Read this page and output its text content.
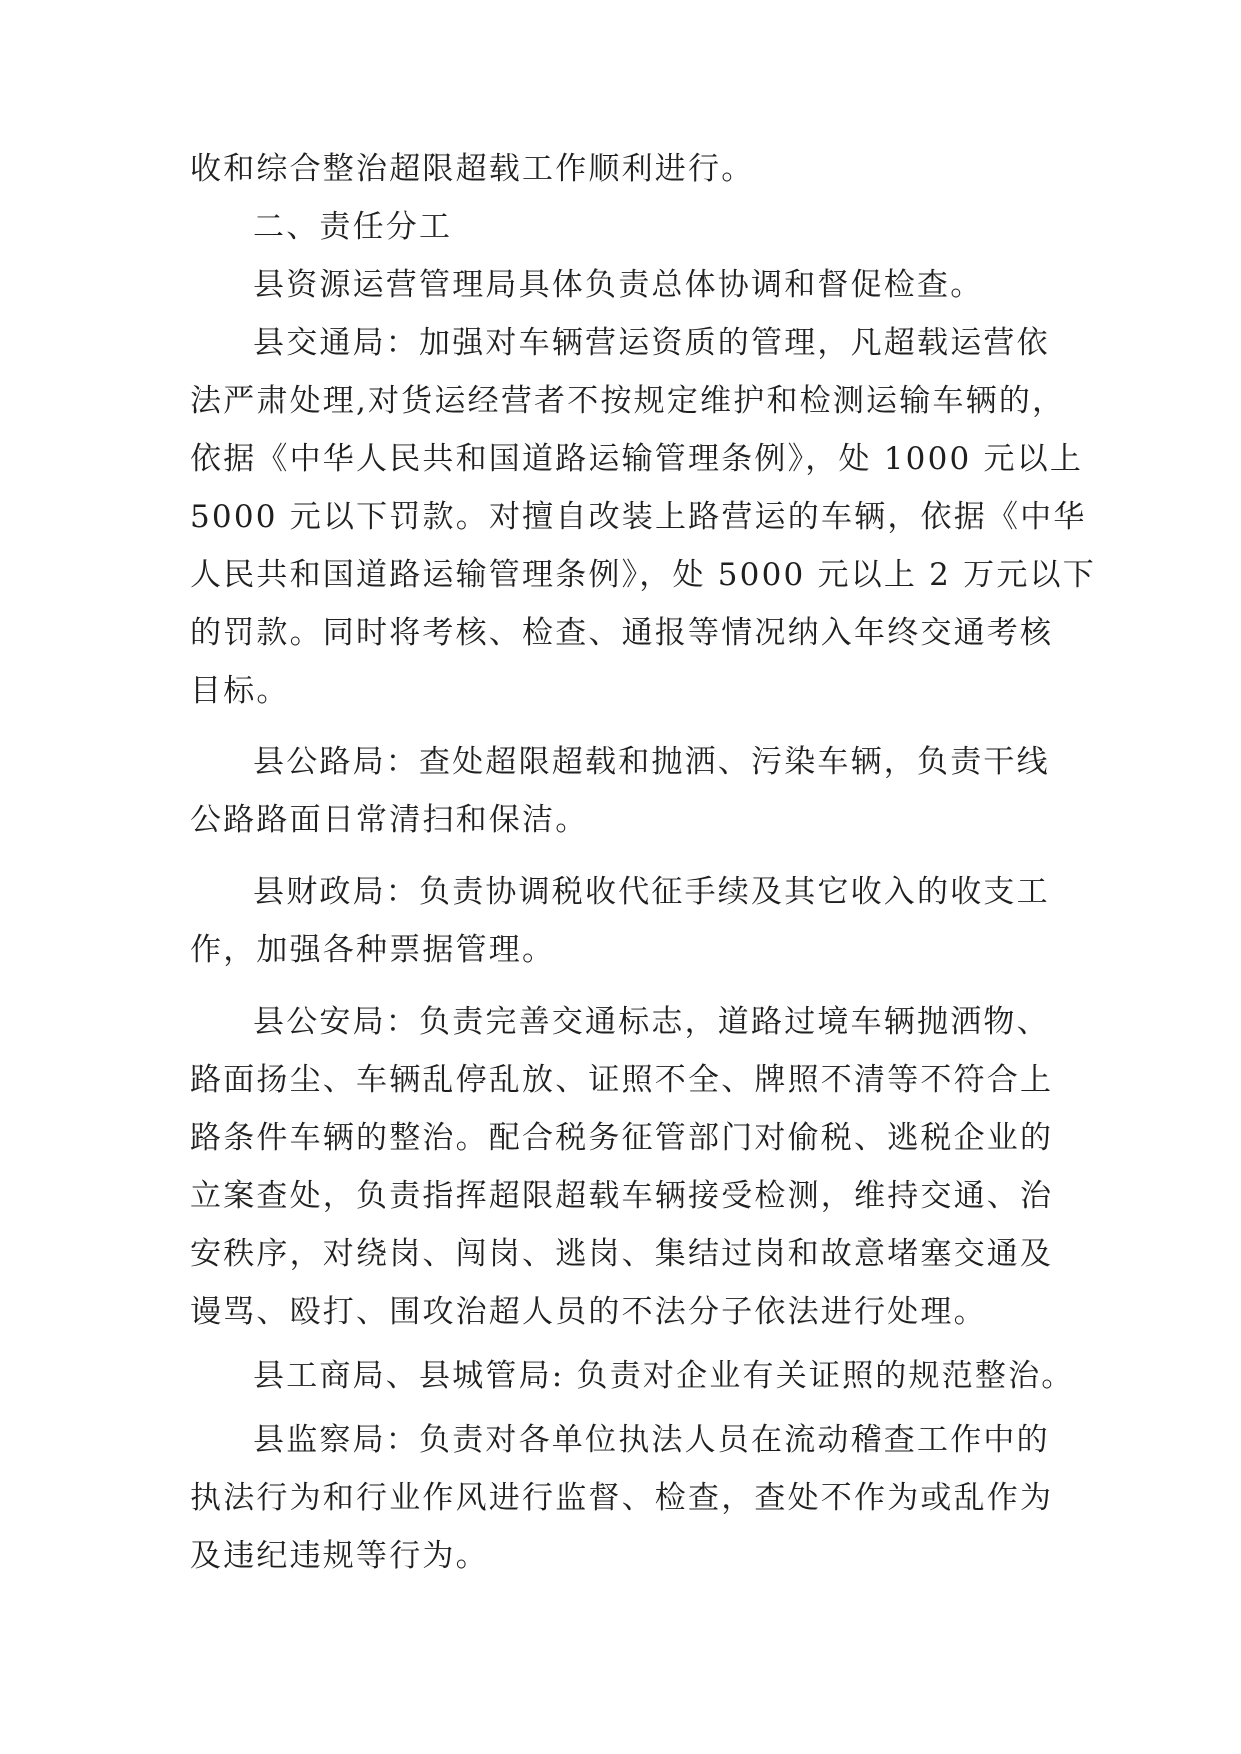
收和综合整治超限超载工作顺利进行。
二、责任分工
县资源运营管理局具体负责总体协调和督促检查。
县交通局：加强对车辆营运资质的管理，凡超载运营依
法严肃处理,对货运经营者不按规定维护和检测运输车辆的，
依据《中华人民共和国道路运输管理条例》，处 1000 元以上
5000 元以下罚款。对擅自改装上路营运的车辆，依据《中华
人民共和国道路运输管理条例》，处 5000 元以上 2 万元以下
的罚款。同时将考核、检查、通报等情况纳入年终交通考核
目标。
县公路局：查处超限超载和抛洒、污染车辆，负责干线
公路路面日常清扫和保洁。
县财政局：负责协调税收代征手续及其它收入的收支工
作，加强各种票据管理。
县公安局：负责完善交通标志，道路过境车辆抛洒物、
路面扬尘、车辆乱停乱放、证照不全、牌照不清等不符合上
路条件车辆的整治。配合税务征管部门对偷税、逃税企业的
立案查处，负责指挥超限超载车辆接受检测，维持交通、治
安秩序，对绕岗、闯岗、逃岗、集结过岗和故意堵塞交通及
谩骂、殴打、围攻治超人员的不法分子依法进行处理。
县工商局、县城管局: 负责对企业有关证照的规范整治。
县监察局：负责对各单位执法人员在流动稽查工作中的
执法行为和行业作风进行监督、检查，查处不作为或乱作为
及违纪违规等行为。
